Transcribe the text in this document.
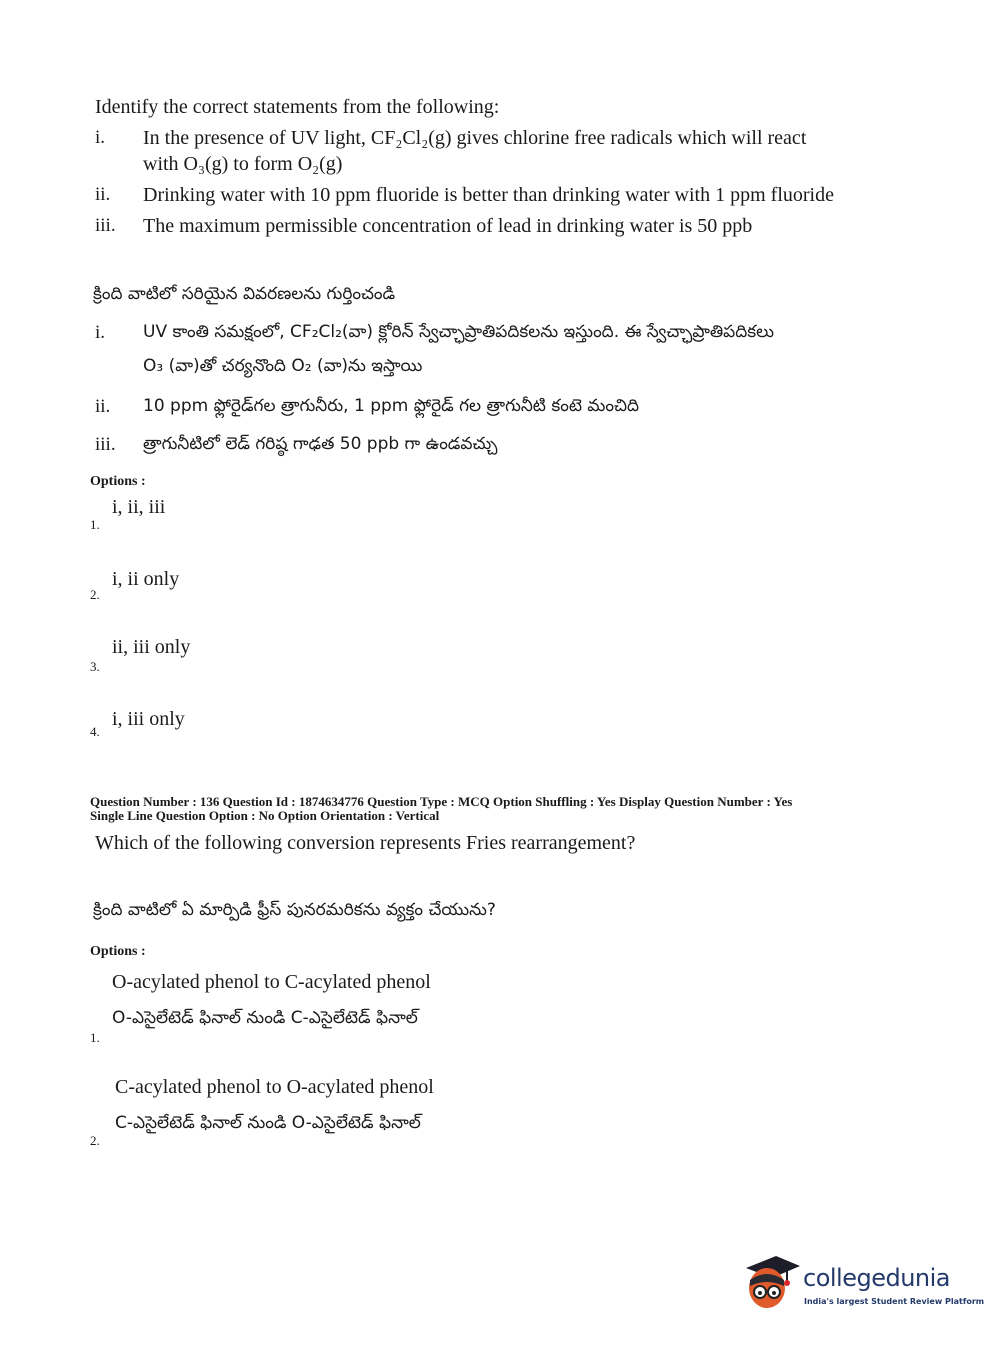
Identify the correct statements from the following:
i. In the presence of UV light, CF₂Cl₂(g) gives chlorine free radicals which will react
with O₃(g) to form O₂(g)
ii. Drinking water with 10 ppm fluoride is better than drinking water with 1 ppm fluoride
iii. The maximum permissible concentration of lead in drinking water is 50 ppb
క్రింది వాటిలో సరియైన వివరణలను గుర్తించండి
i. UV కాంతి సమక్షంలో, CF₂Cl₂(వా) క్లోరిన్ స్వేచ్ఛాప్రాతిపదికలను ఇస్తుంది. ఈ స్వేచ్ఛాప్రాతిపదికలు
O₃ (వా)తో చర్యనొంది O₂ (వా)ను ఇస్తాయి
ii. 10 ppm ఫ్లోరైడ్‌గల త్రాగునీరు, 1 ppm ఫ్లోరైడ్ గల త్రాగునీటి కంటె మంచిది
iii. త్రాగునీటిలో లెడ్ గరిష్ఠ గాఢత 50 ppb గా ఉండవచ్చు
Options :
i, ii, iii
1.
i, ii only
2.
ii, iii only
3.
i, iii only
4.
Question Number : 136 Question Id : 1874634776 Question Type : MCQ Option Shuffling : Yes Display Question Number : Yes
Single Line Question Option : No Option Orientation : Vertical
Which of the following conversion represents Fries rearrangement?
క్రింది వాటిలో ఏ మార్పిడి ఫ్రీస్ పునరమరికను వ్యక్తం చేయును?
Options :
O-acylated phenol to C-acylated phenol
O-ఎసైలేటెడ్ ఫినాల్ నుండి C-ఎసైలేటెడ్ ఫినాల్
1.
C-acylated phenol to O-acylated phenol
C-ఎసైలేటెడ్ ఫినాల్ నుండి O-ఎసైలేటెడ్ ఫినాల్
2.
collegedunia
India's largest Student Review Platform
